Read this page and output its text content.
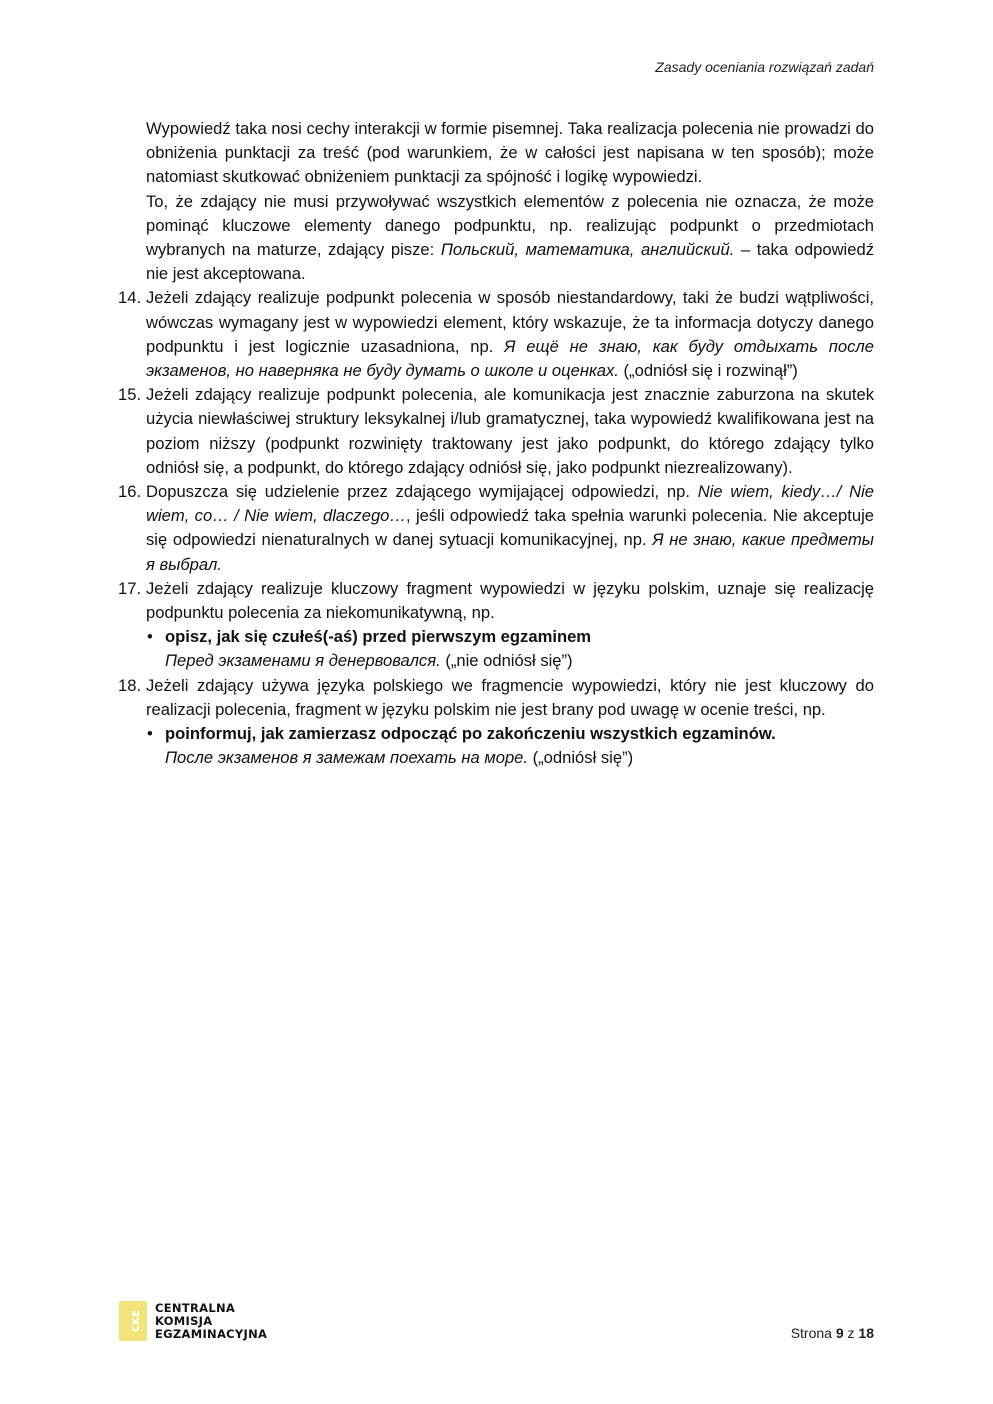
Zasady oceniania rozwiązań zadań

Wypowiedź taka nosi cechy interakcji w formie pisemnej. Taka realizacja polecenia nie prowadzi do obniżenia punktacji za treść (pod warunkiem, że w całości jest napisana w ten sposób); może natomiast skutkować obniżeniem punktacji za spójność i logikę wypowiedzi.

To, że zdający nie musi przywoływać wszystkich elementów z polecenia nie oznacza, że może pominąć kluczowe elementy danego podpunktu, np. realizując podpunkt o przedmiotach wybranych na maturze, zdający pisze: Польский, математика, английский. – taka odpowiedź nie jest akceptowana.

14. Jeżeli zdający realizuje podpunkt polecenia w sposób niestandardowy, taki że budzi wątpliwości, wówczas wymagany jest w wypowiedzi element, który wskazuje, że ta informacja dotyczy danego podpunktu i jest logicznie uzasadniona, np. Я ещё не знаю, как буду отдыхать после экзаменов, но наверняка не буду думать о школе и оценках. („odniósł się i rozwinął”)
15. Jeżeli zdający realizuje podpunkt polecenia, ale komunikacja jest znacznie zaburzona na skutek użycia niewłaściwej struktury leksykalnej i/lub gramatycznej, taka wypowiedź kwalifikowana jest na poziom niższy (podpunkt rozwinięty traktowany jest jako podpunkt, do którego zdający tylko odniósł się, a podpunkt, do którego zdający odniósł się, jako podpunkt niezrealizowany).
16. Dopuszcza się udzielenie przez zdającego wymijającej odpowiedzi, np. Nie wiem, kiedy…/ Nie wiem, co… / Nie wiem, dlaczego…, jeśli odpowiedź taka spełnia warunki polecenia. Nie akceptuje się odpowiedzi nienaturalnych w danej sytuacji komunikacyjnej, np. Я не знаю, какие предметы я выбрал.
17. Jeżeli zdający realizuje kluczowy fragment wypowiedzi w języku polskim, uznaje się realizację podpunktu polecenia za niekomunikatywną, np.
• opisz, jak się czułeś(-aś) przed pierwszym egzaminem
Перед экзаменами я денервовался. („nie odniósł się”)
18. Jeżeli zdający używa języka polskiego we fragmencie wypowiedzi, który nie jest kluczowy do realizacji polecenia, fragment w języku polskim nie jest brany pod uwagę w ocenie treści, np.
• poinformuj, jak zamierzasz odpocząć po zakończeniu wszystkich egzaminów.
После экзаменов я замежам поехать на море. („odniósł się”)
CKE
CENTRALNA
KOMISJA
EGZAMINACYJNA	Strona 9 z 18
